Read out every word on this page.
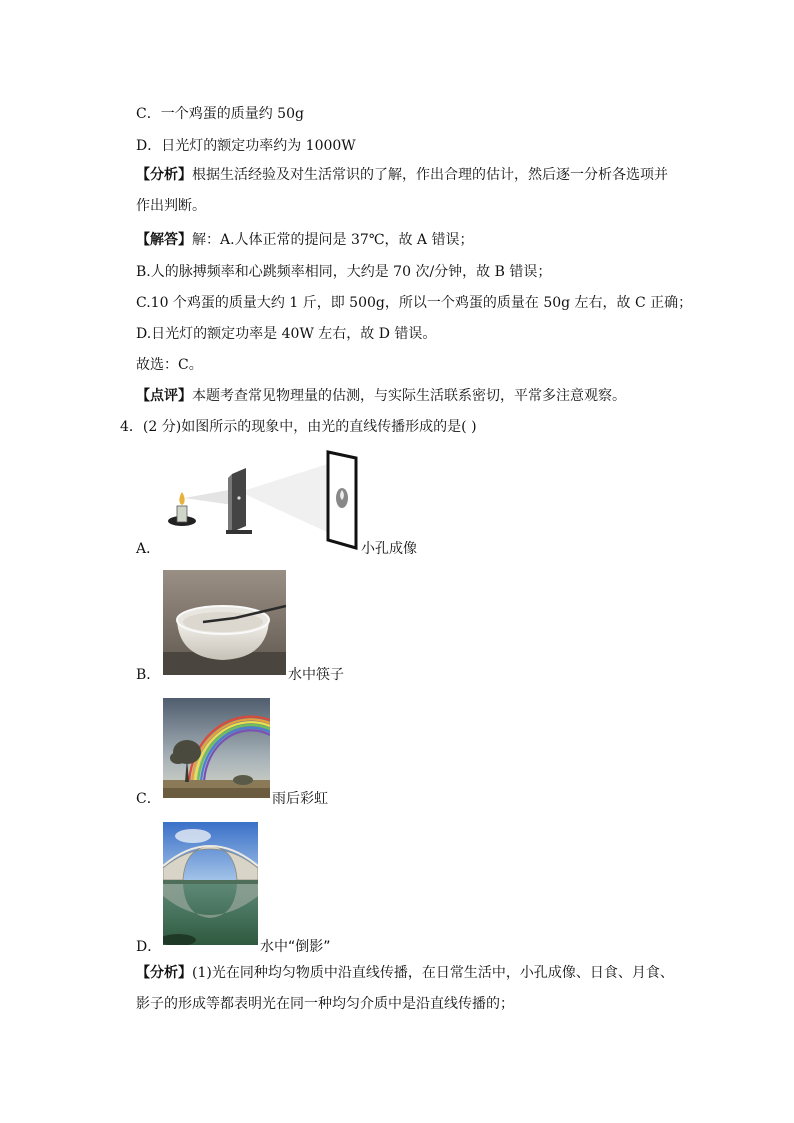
C．一个鸡蛋的质量约 50g
D．日光灯的额定功率约为 1000W
【分析】根据生活经验及对生活常识的了解，作出合理的估计，然后逐一分析各选项并作出判断。
【解答】解：A.人体正常的提问是 37℃，故 A 错误；
B.人的脉搏频率和心跳频率相同，大约是 70 次/分钟，故 B 错误；
C.10 个鸡蛋的质量大约 1 斤，即 500g，所以一个鸡蛋的质量在 50g 左右，故 C 正确；
D.日光灯的额定功率是 40W 左右，故 D 错误。
故选：C。
【点评】本题考查常见物理量的估测，与实际生活联系密切，平常多注意观察。
4．(2 分)如图所示的现象中，由光的直线传播形成的是( )
A．	小孔成像
B．	水中筷子
C．	雨后彩虹
D．	水中“倒影”
【分析】(1)光在同种均匀物质中沿直线传播，在日常生活中，小孔成像、日食、月食、影子的形成等都表明光在同一种均匀介质中是沿直线传播的；
